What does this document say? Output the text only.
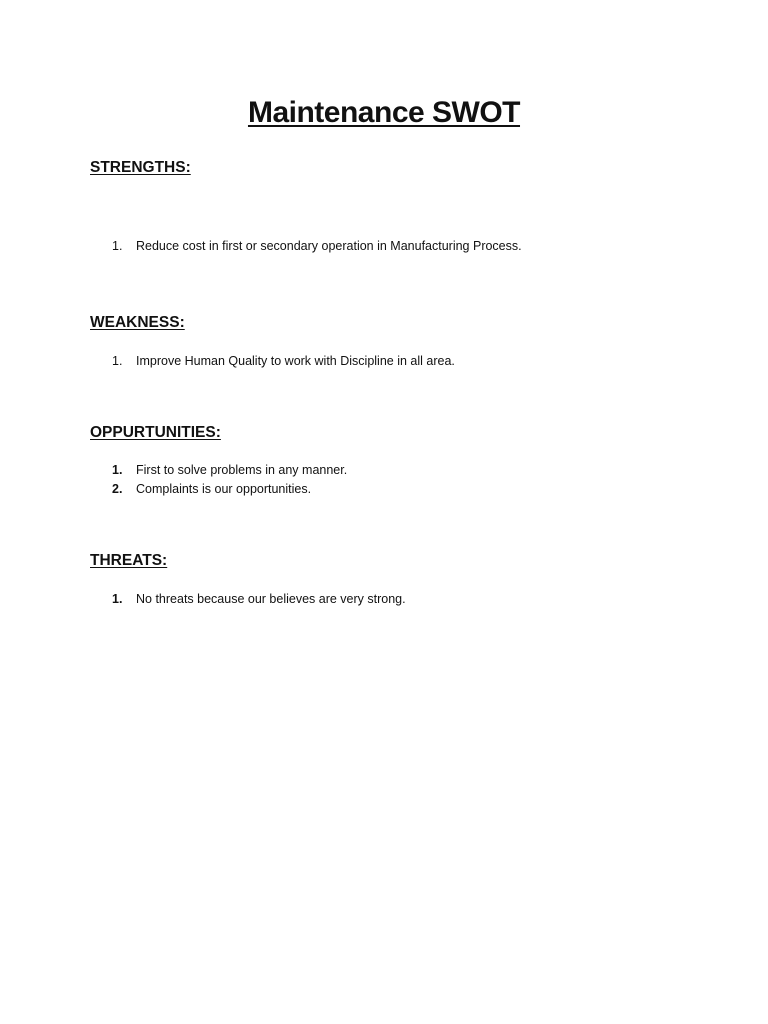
Maintenance SWOT
STRENGTHS:
1.	Reduce cost in first or secondary operation in Manufacturing Process.
WEAKNESS:
1.	Improve Human Quality to work with Discipline in all area.
OPPURTUNITIES:
1.	First to solve problems in any manner.
2.	Complaints is our opportunities.
THREATS:
1.	No threats because our believes are very strong.
